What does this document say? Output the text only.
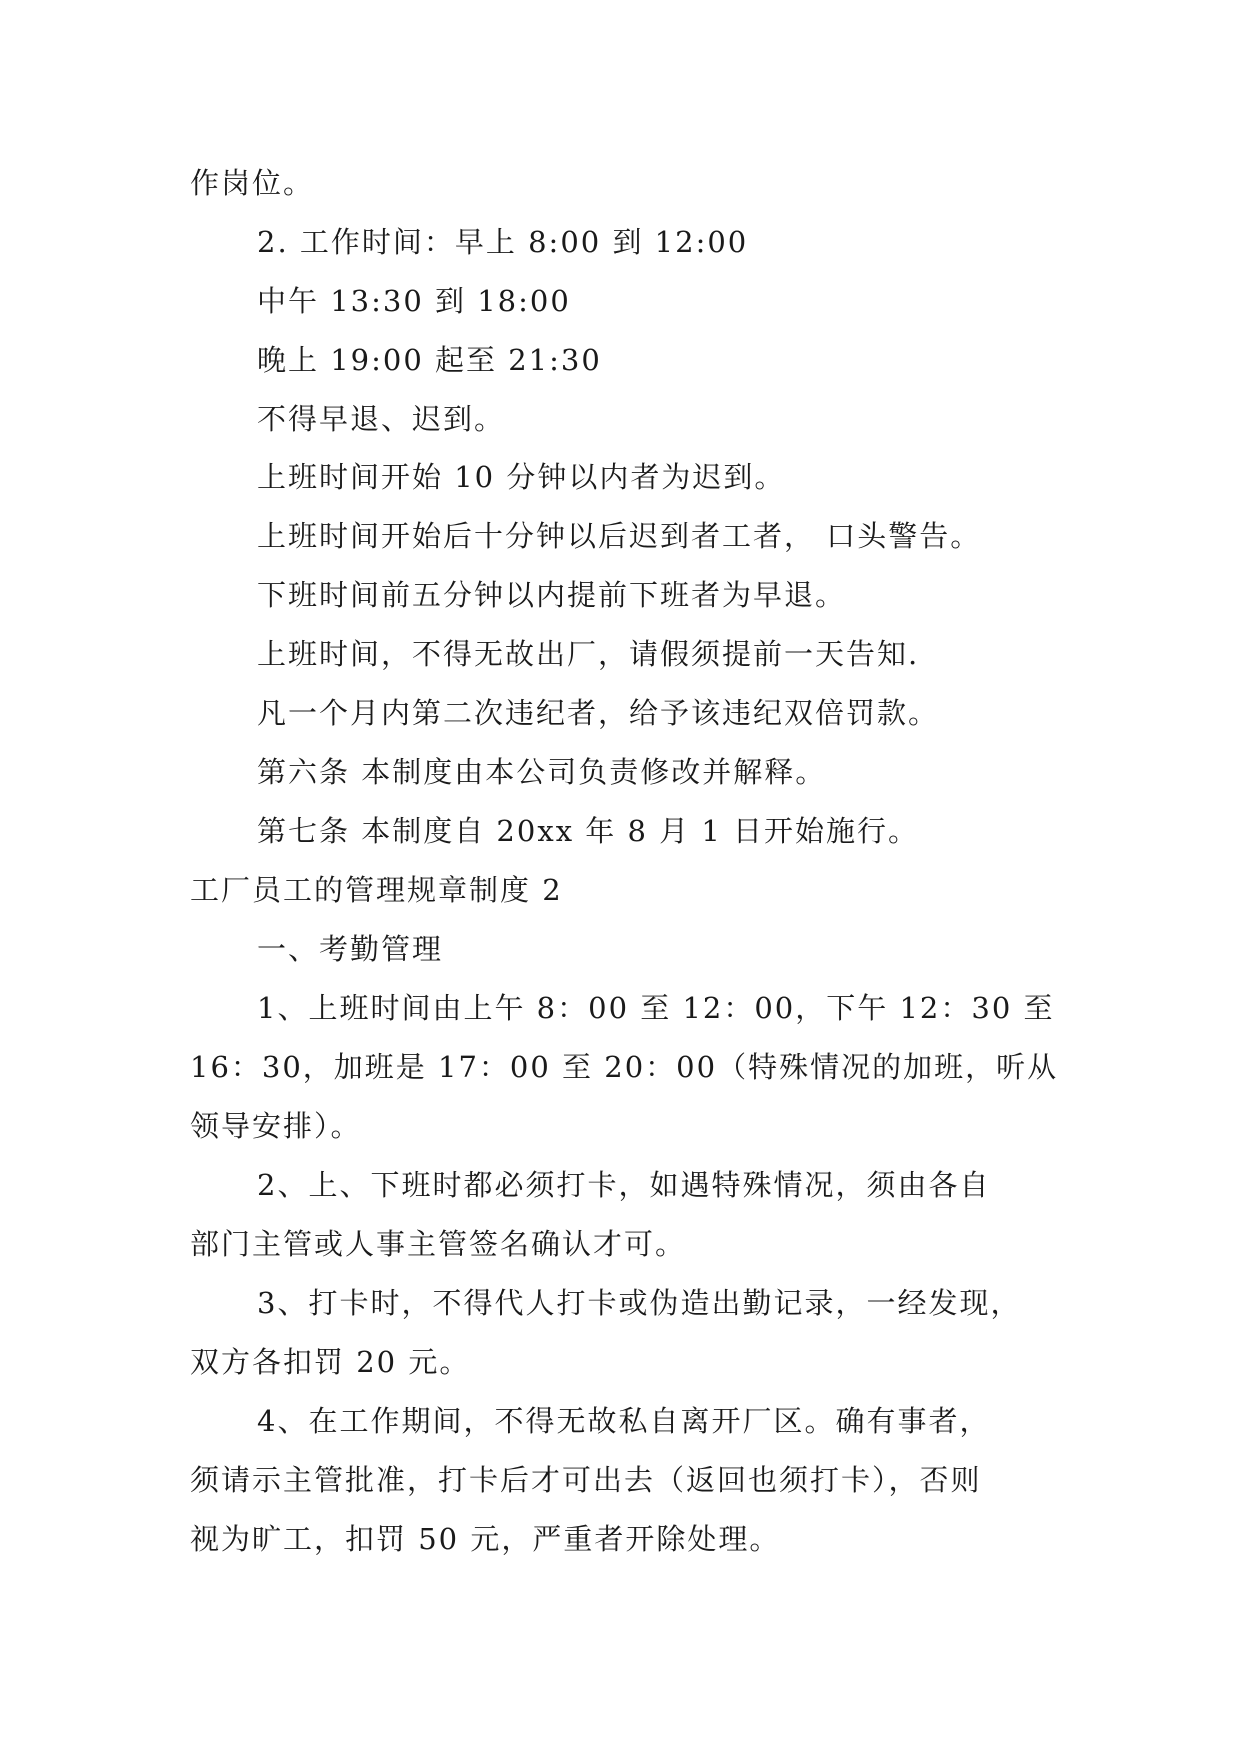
作岗位。
2. 工作时间：早上 8:00 到 12:00
中午 13:30 到 18:00
晚上 19:00 起至 21:30
不得早退、迟到。
上班时间开始 10 分钟以内者为迟到。
上班时间开始后十分钟以后迟到者工者， 口头警告。
下班时间前五分钟以内提前下班者为早退。
上班时间，不得无故出厂，请假须提前一天告知.
凡一个月内第二次违纪者，给予该违纪双倍罚款。
第六条 本制度由本公司负责修改并解释。
第七条 本制度自 20xx 年 8 月 1 日开始施行。
工厂员工的管理规章制度 2
一、考勤管理
1、上班时间由上午 8：00 至 12：00，下午 12：30 至
16：30，加班是 17：00 至 20：00（特殊情况的加班，听从
领导安排）。
2、上、下班时都必须打卡，如遇特殊情况，须由各自
部门主管或人事主管签名确认才可。
3、打卡时，不得代人打卡或伪造出勤记录，一经发现，
双方各扣罚 20 元。
4、在工作期间，不得无故私自离开厂区。确有事者，
须请示主管批准，打卡后才可出去（返回也须打卡），否则
视为旷工，扣罚 50 元，严重者开除处理。
